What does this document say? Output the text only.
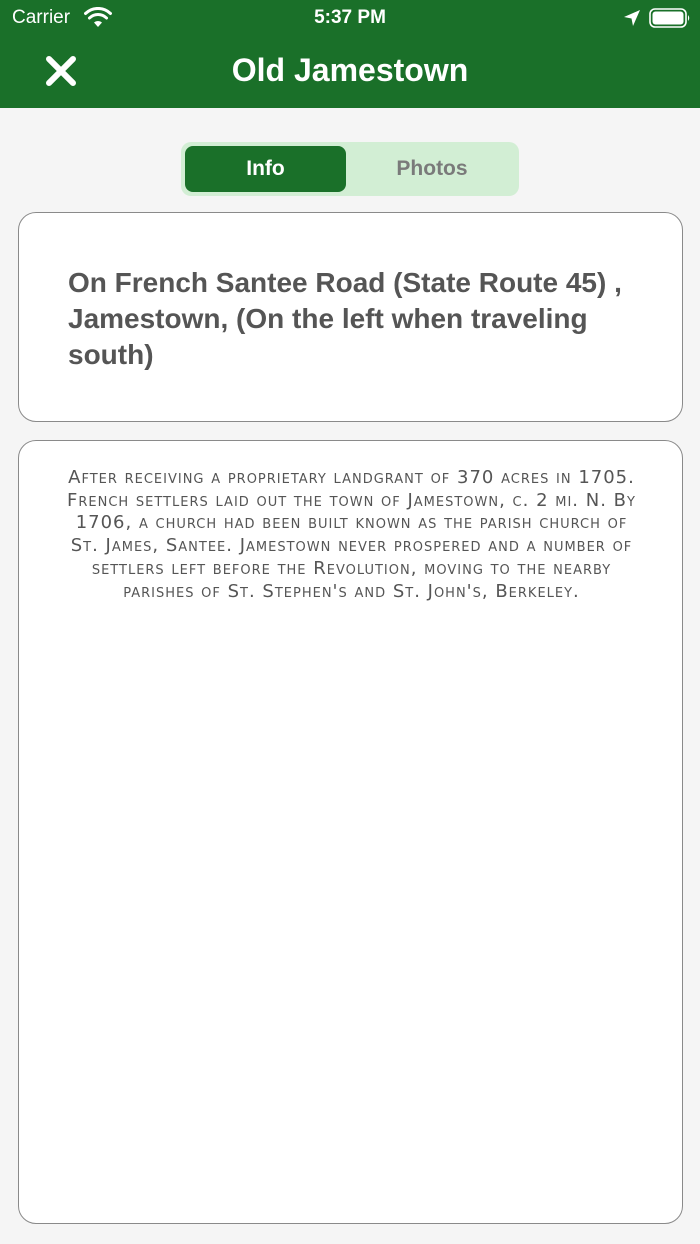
Carrier	5:37 PM
Old Jamestown
Info	Photos
On French Santee Road (State Route 45) , Jamestown, (On the left when traveling south)
After receiving a proprietary landgrant of 370 acres in 1705. French settlers laid out the town of Jamestown, c. 2 mi. N. By 1706, a church had been built known as the parish church of St. James, Santee. Jamestown never prospered and a number of settlers left before the Revolution, moving to the nearby parishes of St. Stephen's and St. John's, Berkeley.
